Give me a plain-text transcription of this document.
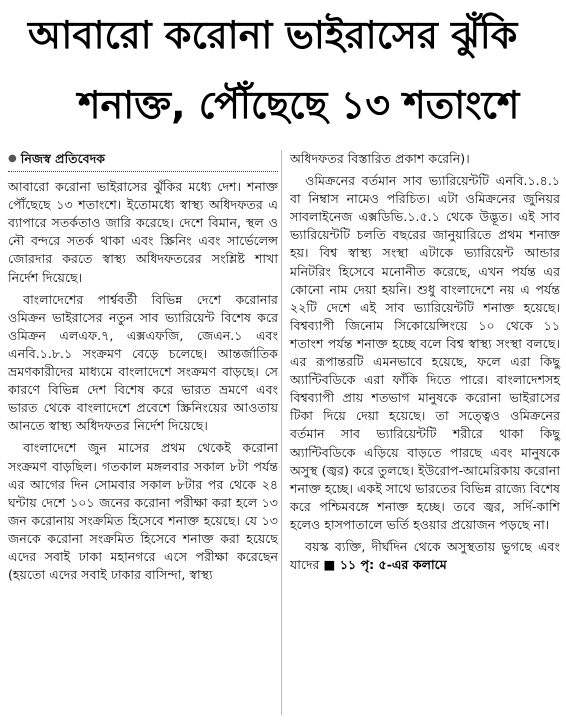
আবারো করোনা ভাইরাসের ঝুঁকি
শনাক্ত, পৌঁছেছে ১৩ শতাংশে
● নিজস্ব প্রতিবেদক

আবারো করোনা ভাইরাসের ঝুঁকির মধ্যে দেশ। শনাক্ত পৌঁছেছে ১৩ শতাংশে। ইতোমধ্যে স্বাস্থ্য অধিদফতর এ ব্যাপারে সতর্কতাও জারি করেছে। দেশে বিমান, স্থল ও নৌ বন্দরে সতর্ক থাকা এবং স্ক্রিনিং এবং সার্ভেলেন্স জোরদার করতে স্বাস্থ্য অধিদফতরের সংশ্লিষ্ট শাখা নির্দেশ দিয়েছে।

বাংলাদেশের পার্শ্ববর্তী বিভিন্ন দেশে করোনার ওমিক্রন ভাইরাসের নতুন সাব ভ্যারিয়েন্ট বিশেষ করে ওমিক্রন এলএফ.৭, এক্সএফজি, জেএন.১ এবং এনবি.১.৮.১ সংক্রমণ বেড়ে চলেছে। আন্তর্জাতিক ভ্রমণকারীদের মাধ্যমে বাংলাদেশে সংক্রমণ বাড়ছে। সে কারণে বিভিন্ন দেশ বিশেষ করে ভারত ভ্রমণে এবং ভারত থেকে বাংলাদেশে প্রবেশে স্ক্রিনিংয়ের আওতায় আনতে স্বাস্থ্য অধিদফতর নির্দেশ দিয়েছে।

বাংলাদেশে জুন মাসের প্রথম থেকেই করোনা সংক্রমণ বাড়ছিল। গতকাল মঙ্গলবার সকাল ৮টা পর্যন্ত এর আগের দিন সোমবার সকাল ৮টার পর থেকে ২৪ ঘন্টায় দেশে ১০১ জনের করোনা পরীক্ষা করা হলে ১৩ জন করোনায় সংক্রমিত হিসেবে শনাক্ত হয়েছে। যে ১৩ জনকে করোনা সংক্রমিত হিসেবে শনাক্ত করা হয়েছে এদের সবাই ঢাকা মহানগরে এসে পরীক্ষা করেছেন (হয়তো এদের সবাই ঢাকার বাসিন্দা, স্বাস্থ্য

অধিদফতর বিস্তারিত প্রকাশ করেনি)।

ওমিক্রনের বর্তমান সাব ভ্যারিয়েন্টটি এনবি.১.৪.১ বা নিম্বাস নামেও পরিচিত। এটা ওমিক্রনের জুনিয়র সাবলাইনেজ এক্সডিভি.১.৫.১ থেকে উদ্ভূত। এই সাব ভ্যারিয়েন্টটি চলতি বছরের জানুয়ারিতে প্রথম শনাক্ত হয়। বিশ্ব স্বাস্থ্য সংস্থা এটাকে ভ্যারিয়েন্ট আন্ডার মনিটরিং হিসেবে মনোনীত করেছে, এখন পর্যন্ত এর কোনো নাম দেয়া হয়নি। শুধু বাংলাদেশে নয় এ পর্যন্ত ২২টি দেশে এই সাব ভ্যারিয়েন্টটি শনাক্ত হয়েছে। বিশ্বব্যাপী জিনোম সিকোয়েন্সিংয়ে ১০ থেকে ১১ শতাংশ পর্যন্ত শনাক্ত হচ্ছে বলে বিশ্ব স্বাস্থ্য সংস্থা বলছে। এর রূপান্তরটি এমনভাবে হয়েছে, ফলে এরা কিছু অ্যান্টিবডিকে এরা ফাঁকি দিতে পারে। বাংলাদেশসহ বিশ্বব্যাপী প্রায় শতভাগ মানুষকে করোনা ভাইরাসের টিকা দিয়ে দেয়া হয়েছে। তা সত্ত্বেও ওমিক্রনের বর্তমান সাব ভ্যারিয়েন্টটি শরীরে থাকা কিছু অ্যান্টিবডিকে এড়িয়ে বাড়তে পারছে এবং মানুষকে অসুস্থ (জ্বর) করে তুলছে। ইউরোপ-আমেরিকায় করোনা শনাক্ত হচ্ছে। একই সাথে ভারতের বিভিন্ন রাজ্যে বিশেষ করে পশ্চিমবঙ্গে শনাক্ত হচ্ছে। তবে জ্বর, সর্দি-কাশি হলেও হাসপাতালে ভর্তি হওয়ার প্রয়োজন পড়ছে না।

বয়স্ক ব্যক্তি, দীর্ঘদিন থেকে অসুস্থতায় ভুগছে এবং যাদের ■ ১১ পৃ: ৫-এর কলামে
